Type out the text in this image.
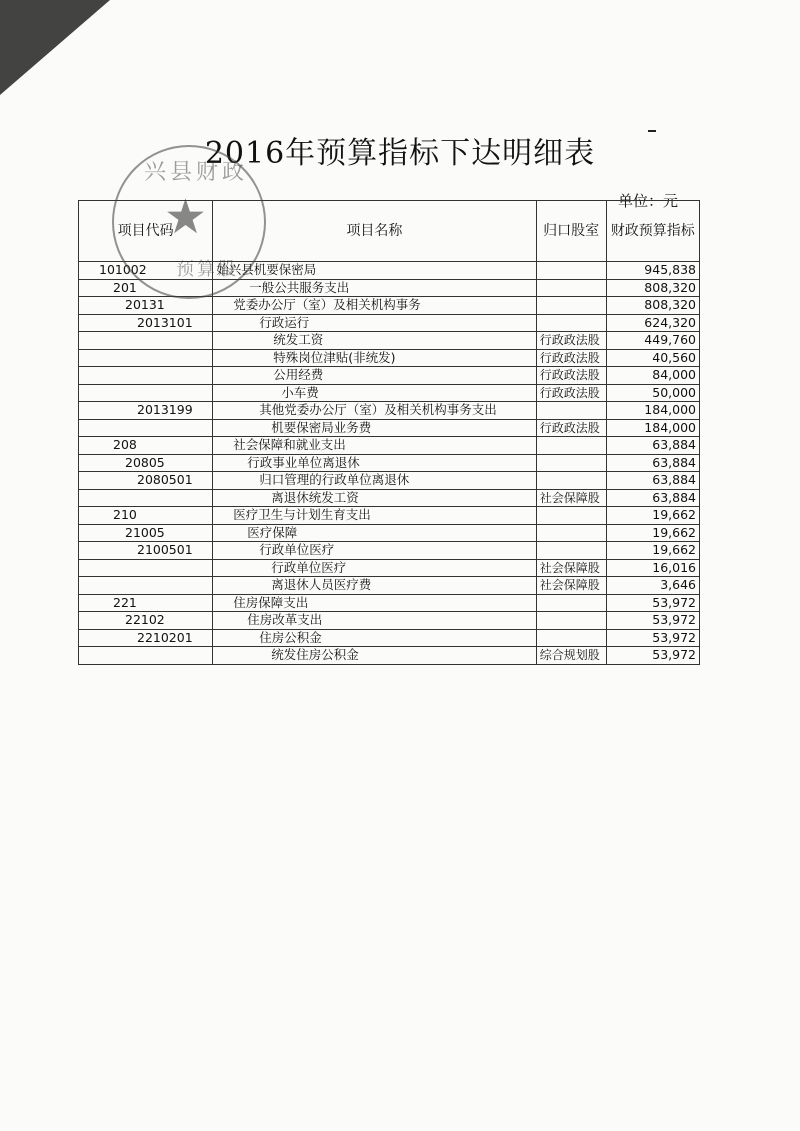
2016年预算指标下达明细表
单位：元
项目代码	项目名称	归口股室	财政预算指标
101002	始兴县机要保密局		945,838
201	一般公共服务支出		808,320
20131	党委办公厅（室）及相关机构事务		808,320
2013101	行政运行		624,320
	统发工资	行政政法股	449,760
	特殊岗位津贴(非统发)	行政政法股	40,560
	公用经费	行政政法股	84,000
	小车费	行政政法股	50,000
2013199	其他党委办公厅（室）及相关机构事务支出		184,000
	机要保密局业务费	行政政法股	184,000
208	社会保障和就业支出		63,884
20805	行政事业单位离退休		63,884
2080501	归口管理的行政单位离退休		63,884
	离退休统发工资	社会保障股	63,884
210	医疗卫生与计划生育支出		19,662
21005	医疗保障		19,662
2100501	行政单位医疗		19,662
	行政单位医疗	社会保障股	16,016
	离退休人员医疗费	社会保障股	3,646
221	住房保障支出		53,972
22102	住房改革支出		53,972
2210201	住房公积金		53,972
	统发住房公积金	综合规划股	53,972
兴县财政
★
预算股
